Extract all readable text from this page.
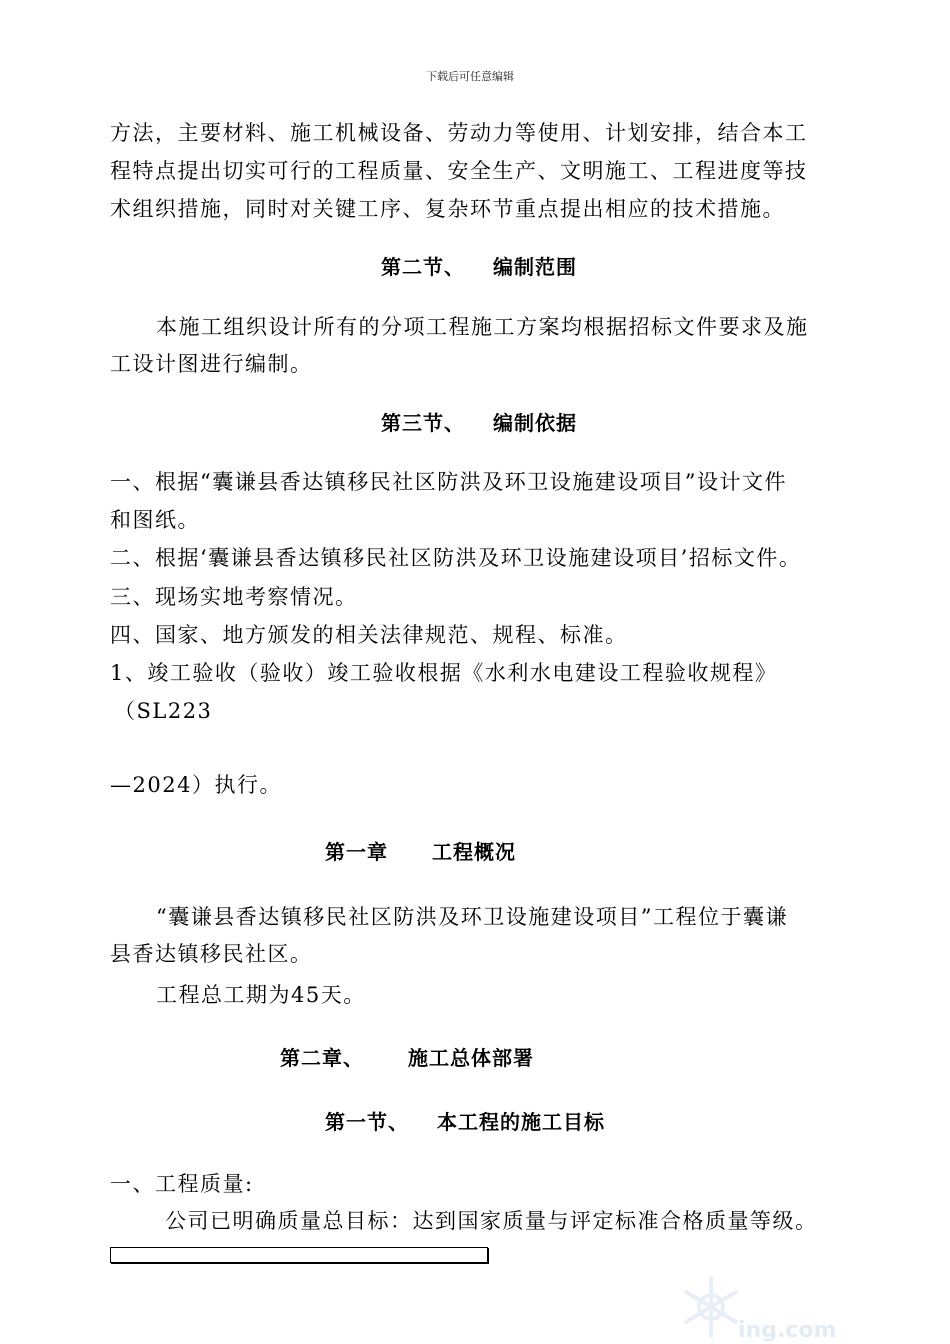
下载后可任意编辑
方法，主要材料、施工机械设备、劳动力等使用、计划安排，结合本工
程特点提出切实可行的工程质量、安全生产、文明施工、工程进度等技
术组织措施，同时对关键工序、复杂环节重点提出相应的技术措施。
第二节、 编制范围
本施工组织设计所有的分项工程施工方案均根据招标文件要求及施
工设计图进行编制。
第三节、 编制依据
一、根据“囊谦县香达镇移民社区防洪及环卫设施建设项目”设计文件
和图纸。
二、根据‘囊谦县香达镇移民社区防洪及环卫设施建设项目’招标文件。
三、现场实地考察情况。
四、国家、地方颁发的相关法律规范、规程、标准。
1、竣工验收（验收）竣工验收根据《水利水电建设工程验收规程》
（SL223
—2024）执行。
第一章 工程概况
“囊谦县香达镇移民社区防洪及环卫设施建设项目”工程位于囊谦
县香达镇移民社区。
工程总工期为45天。
第二章、 施工总体部署
第一节、 本工程的施工目标
一、工程质量:
公司已明确质量总目标：达到国家质量与评定标准合格质量等级。
ing.com
